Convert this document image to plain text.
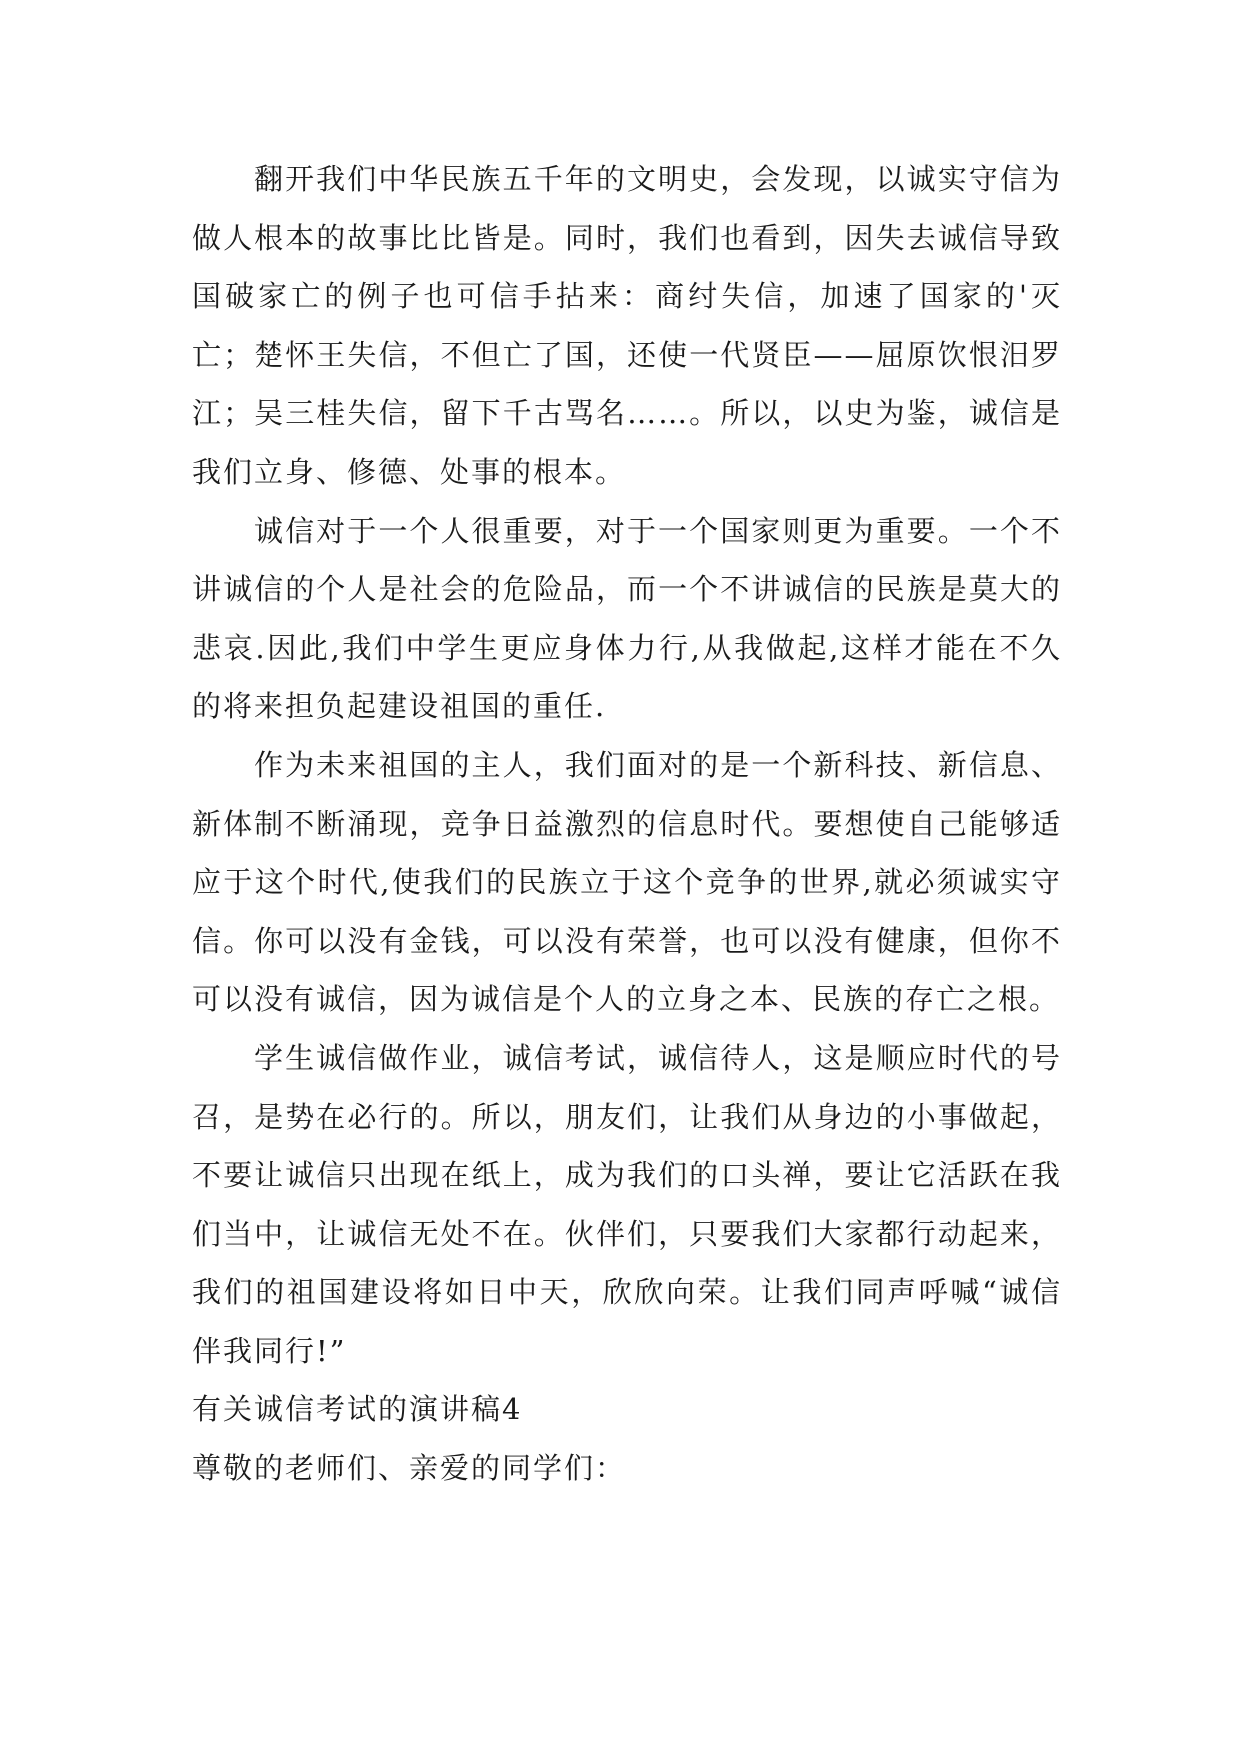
翻开我们中华民族五千年的文明史，会发现，以诚实守信为做人根本的故事比比皆是。同时，我们也看到，因失去诚信导致国破家亡的例子也可信手拈来：商纣失信，加速了国家的'灭亡；楚怀王失信，不但亡了国，还使一代贤臣——屈原饮恨汨罗江；吴三桂失信，留下千古骂名……。所以，以史为鉴，诚信是我们立身、修德、处事的根本。

诚信对于一个人很重要，对于一个国家则更为重要。一个不讲诚信的个人是社会的危险品，而一个不讲诚信的民族是莫大的悲哀.因此,我们中学生更应身体力行,从我做起,这样才能在不久的将来担负起建设祖国的重任.

作为未来祖国的主人，我们面对的是一个新科技、新信息、新体制不断涌现，竞争日益激烈的信息时代。要想使自己能够适应于这个时代,使我们的民族立于这个竞争的世界,就必须诚实守信。你可以没有金钱，可以没有荣誉，也可以没有健康，但你不可以没有诚信，因为诚信是个人的立身之本、民族的存亡之根。

学生诚信做作业，诚信考试，诚信待人，这是顺应时代的号召，是势在必行的。所以，朋友们，让我们从身边的小事做起，不要让诚信只出现在纸上，成为我们的口头禅，要让它活跃在我们当中，让诚信无处不在。伙伴们，只要我们大家都行动起来，我们的祖国建设将如日中天，欣欣向荣。让我们同声呼喊“诚信伴我同行!”

有关诚信考试的演讲稿4

尊敬的老师们、亲爱的同学们：
